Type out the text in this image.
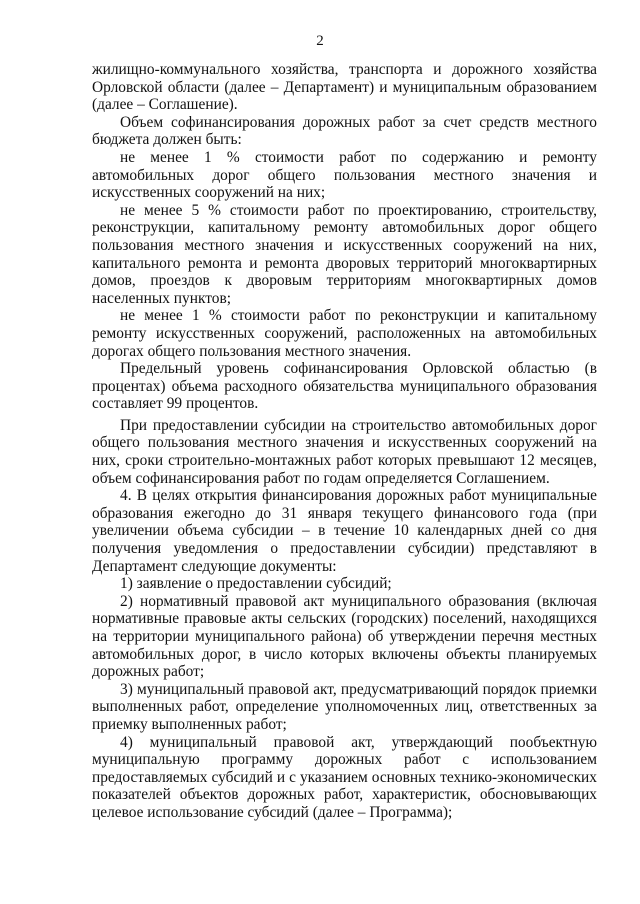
2

жилищно-коммунального хозяйства, транспорта и дорожного хозяйства Орловской области (далее – Департамент) и муниципальным образованием (далее – Соглашение).

Объем софинансирования дорожных работ за счет средств местного бюджета должен быть:

не менее 1 % стоимости работ по содержанию и ремонту автомобильных дорог общего пользования местного значения и искусственных сооружений на них;

не менее 5 % стоимости работ по проектированию, строительству, реконструкции, капитальному ремонту автомобильных дорог общего пользования местного значения и искусственных сооружений на них, капитального ремонта и ремонта дворовых территорий многоквартирных домов, проездов к дворовым территориям многоквартирных домов населенных пунктов;

не менее 1 % стоимости работ по реконструкции и капитальному ремонту искусственных сооружений, расположенных на автомобильных дорогах общего пользования местного значения.

Предельный уровень софинансирования Орловской областью (в процентах) объема расходного обязательства муниципального образования составляет 99 процентов.

При предоставлении субсидии на строительство автомобильных дорог общего пользования местного значения и искусственных сооружений на них, сроки строительно-монтажных работ которых превышают 12 месяцев, объем софинансирования работ по годам определяется Соглашением.

4. В целях открытия финансирования дорожных работ муниципальные образования ежегодно до 31 января текущего финансового года (при увеличении объема субсидии – в течение 10 календарных дней со дня получения уведомления о предоставлении субсидии) представляют в Департамент следующие документы:

1) заявление о предоставлении субсидий;

2) нормативный правовой акт муниципального образования (включая нормативные правовые акты сельских (городских) поселений, находящихся на территории муниципального района) об утверждении перечня местных автомобильных дорог, в число которых включены объекты планируемых дорожных работ;

3) муниципальный правовой акт, предусматривающий порядок приемки выполненных работ, определение уполномоченных лиц, ответственных за приемку выполненных работ;

4) муниципальный правовой акт, утверждающий пообъектную муниципальную программу дорожных работ с использованием предоставляемых субсидий и с указанием основных технико-экономических показателей объектов дорожных работ, характеристик, обосновывающих целевое использование субсидий (далее – Программа);
